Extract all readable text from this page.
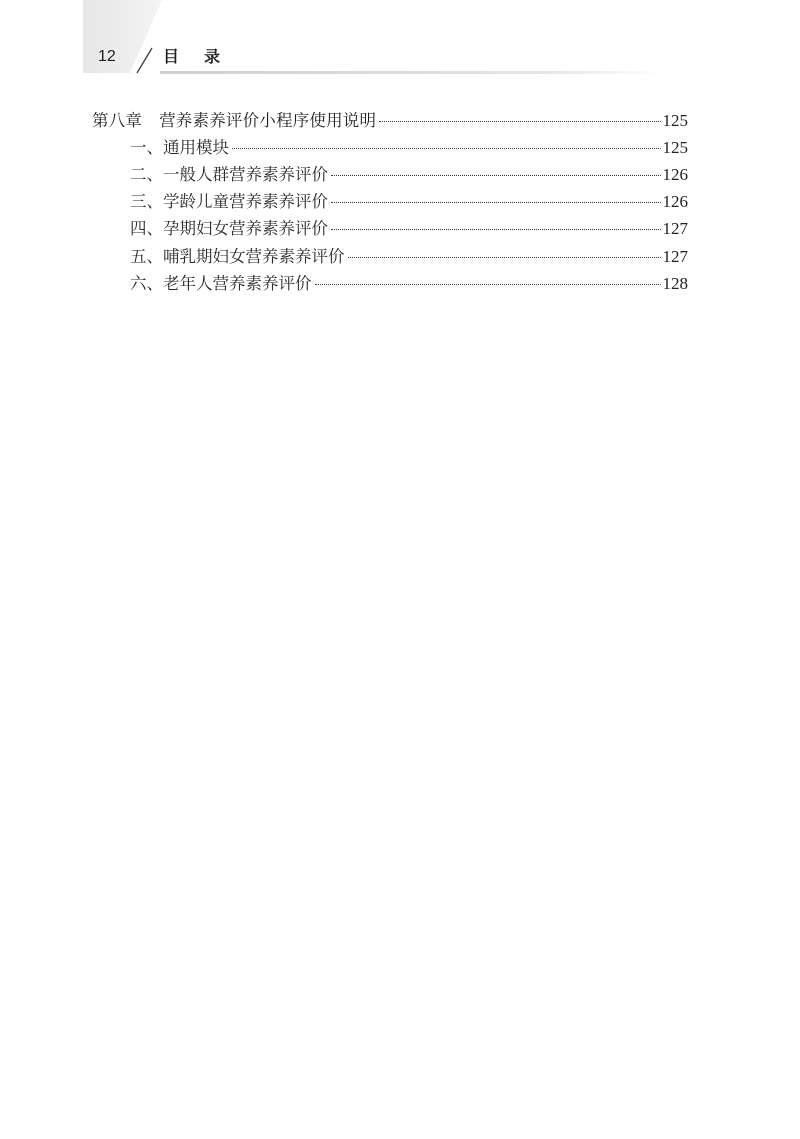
12	目录
第八章 营养素养评价小程序使用说明	125
一、通用模块	125
二、一般人群营养素养评价	126
三、学龄儿童营养素养评价	126
四、孕期妇女营养素养评价	127
五、哺乳期妇女营养素养评价	127
六、老年人营养素养评价	128
